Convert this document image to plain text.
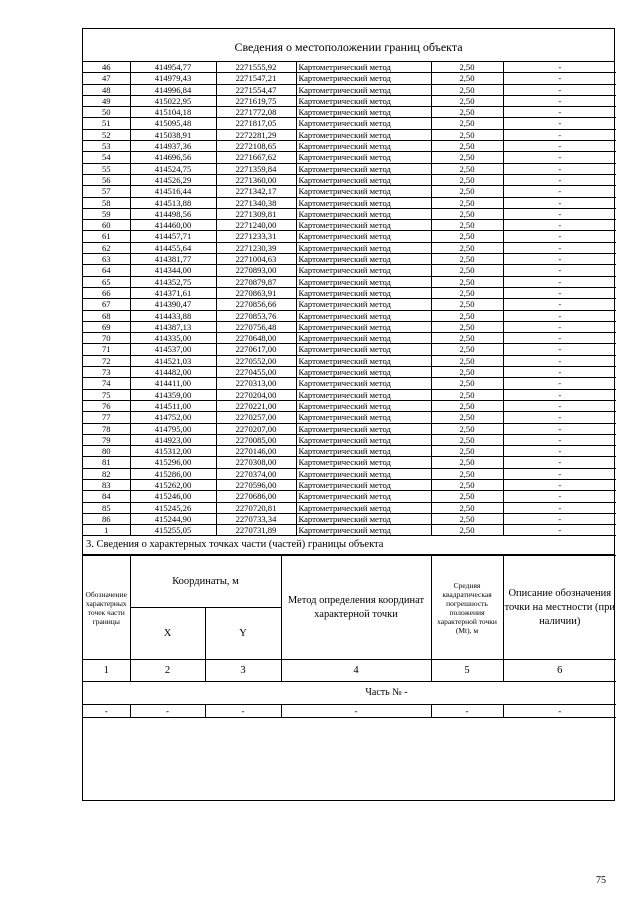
Сведения о местоположении границ объекта
46	414954,77	2271555,92	Картометрический метод	2,50	-
47	414979,43	2271547,21	Картометрический метод	2,50	-
48	414996,84	2271554,47	Картометрический метод	2,50	-
49	415022,95	2271619,75	Картометрический метод	2,50	-
50	415104,18	2271772,08	Картометрический метод	2,50	-
51	415095,48	2271817,05	Картометрический метод	2,50	-
52	415038,91	2272281,29	Картометрический метод	2,50	-
53	414937,36	2272108,65	Картометрический метод	2,50	-
54	414696,56	2271667,62	Картометрический метод	2,50	-
55	414524,75	2271359,84	Картометрический метод	2,50	-
56	414526,29	2271360,00	Картометрический метод	2,50	-
57	414516,44	2271342,17	Картометрический метод	2,50	-
58	414513,88	2271340,38	Картометрический метод	2,50	-
59	414498,56	2271309,81	Картометрический метод	2,50	-
60	414460,00	2271240,00	Картометрический метод	2,50	-
61	414457,71	2271233,31	Картометрический метод	2,50	-
62	414455,64	2271230,39	Картометрический метод	2,50	-
63	414381,77	2271004,63	Картометрический метод	2,50	-
64	414344,00	2270893,00	Картометрический метод	2,50	-
65	414352,75	2270879,87	Картометрический метод	2,50	-
66	414371,61	2270863,91	Картометрический метод	2,50	-
67	414390,47	2270856,66	Картометрический метод	2,50	-
68	414433,88	2270853,76	Картометрический метод	2,50	-
69	414387,13	2270756,48	Картометрический метод	2,50	-
70	414335,00	2270648,00	Картометрический метод	2,50	-
71	414537,00	2270617,00	Картометрический метод	2,50	-
72	414521,03	2270552,00	Картометрический метод	2,50	-
73	414482,00	2270455,00	Картометрический метод	2,50	-
74	414411,00	2270313,00	Картометрический метод	2,50	-
75	414359,00	2270204,00	Картометрический метод	2,50	-
76	414511,00	2270221,00	Картометрический метод	2,50	-
77	414752,00	2270257,00	Картометрический метод	2,50	-
78	414795,00	2270207,00	Картометрический метод	2,50	-
79	414923,00	2270085,00	Картометрический метод	2,50	-
80	415312,00	2270146,00	Картометрический метод	2,50	-
81	415296,00	2270308,00	Картометрический метод	2,50	-
82	415286,00	2270374,00	Картометрический метод	2,50	-
83	415262,00	2270596,00	Картометрический метод	2,50	-
84	415246,00	2270686,00	Картометрический метод	2,50	-
85	415245,26	2270720,81	Картометрический метод	2,50	-
86	415244,90	2270733,34	Картометрический метод	2,50	-
1	415255,05	2270731,89	Картометрический метод	2,50	-
3. Сведения о характерных точках части (частей) границы объекта
Обозначение характерных точек части границы	Координаты, м		Метод определения координат характерной точки	Средняя квадратическая погрешность положения характерной точки (Mt), м	Описание обозначения точки на местности (при наличии)
	X	Y			
1	2	3	4	5	6
Часть № -					
-	-	-	-	-	-
75
